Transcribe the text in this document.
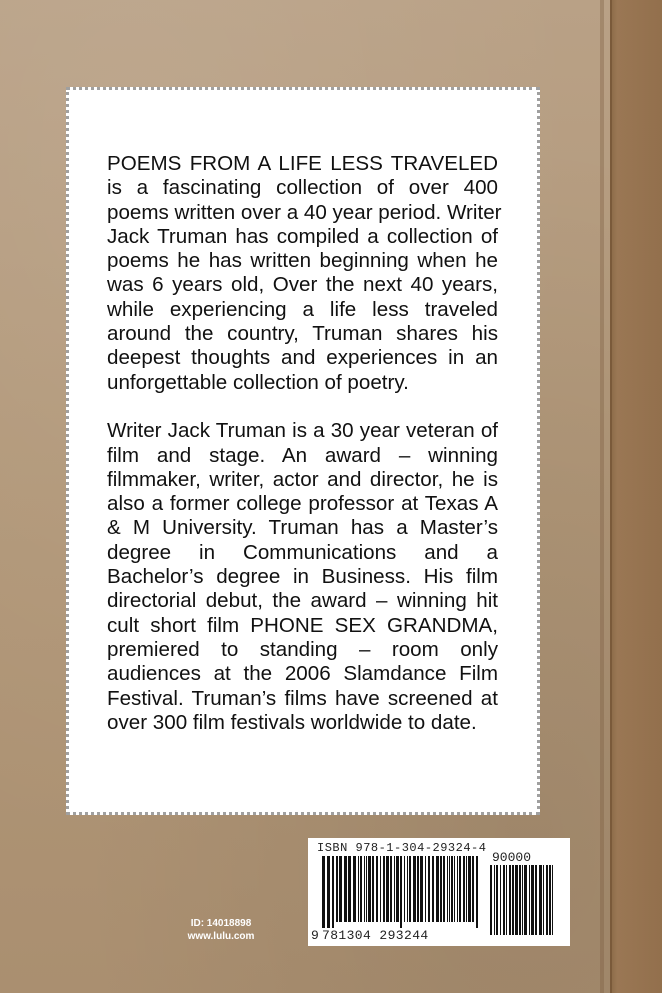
POEMS FROM A LIFE LESS TRAVELED
is a fascinating collection of over 400
poems written over a 40 year period. Writer
Jack Truman has compiled a collection of
poems he has written beginning when he
was 6 years old, Over the next 40 years,
while experiencing a life less traveled
around the country, Truman shares his
deepest thoughts and experiences in an
unforgettable collection of poetry.

Writer Jack Truman is a 30 year veteran of
film and stage. An award – winning
filmmaker, writer, actor and director, he is
also a former college professor at Texas A
& M University. Truman has a Master’s
degree in Communications and a
Bachelor’s degree in Business. His film
directorial debut, the award – winning hit
cult short film PHONE SEX GRANDMA,
premiered to standing – room only
audiences at the 2006 Slamdance Film
Festival. Truman’s films have screened at
over 300 film festivals worldwide to date.

ID: 14018898
www.lulu.com
ISBN 978-1-304-29324-4
90000
9 781304 293244
